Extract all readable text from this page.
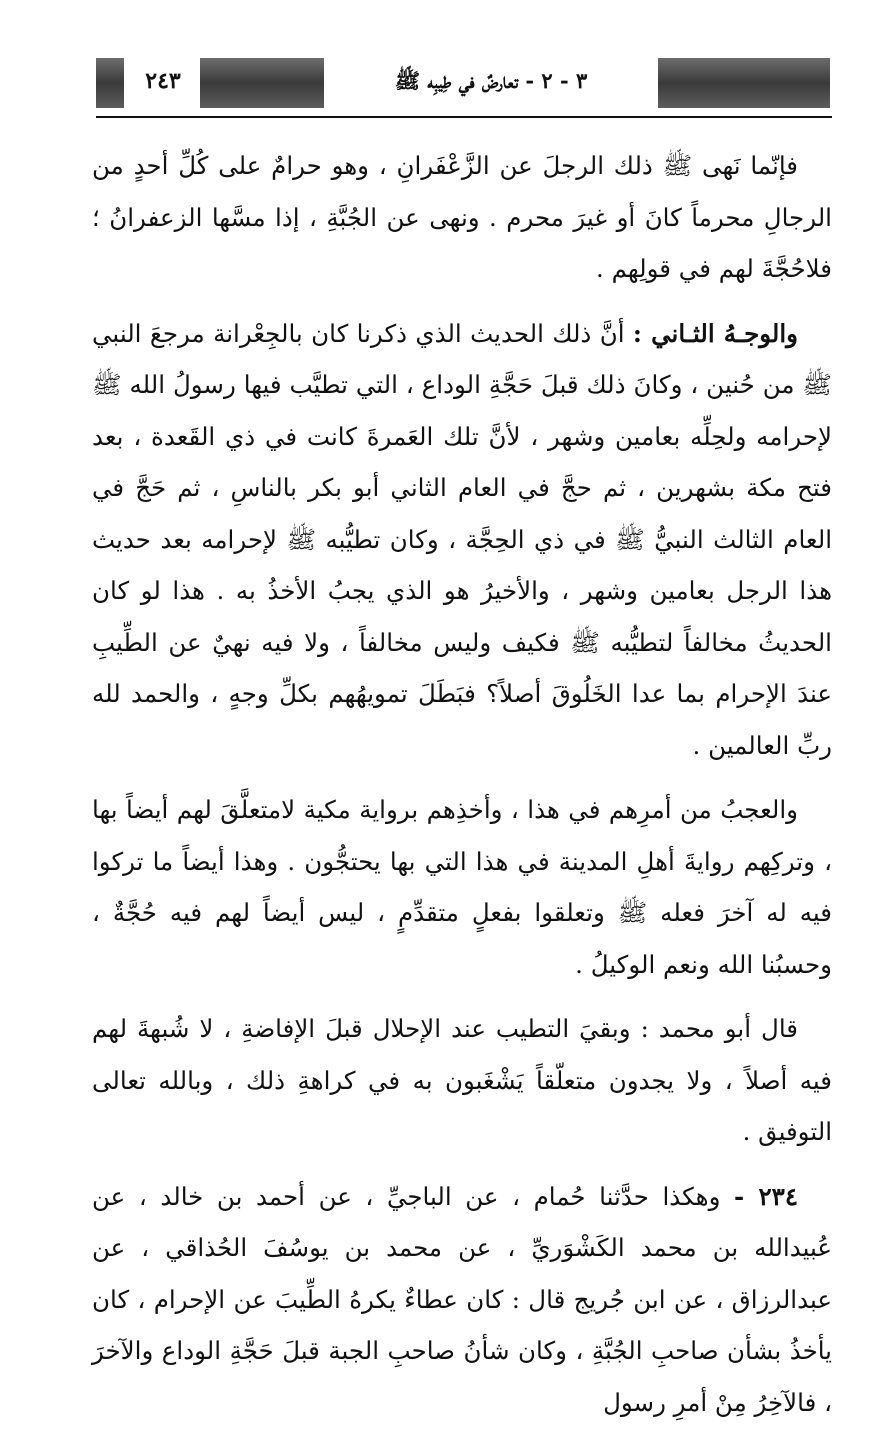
٣ - ٢ - تعارضٌ في طِيبِه ﷺ
٢٤٣

فإنّما نَهى ﷺ ذلك الرجلَ عن الزَّعْفَرانِ ، وهو حرامٌ على كُلِّ أحدٍ من الرجالِ محرماً كانَ أو غيرَ محرم . ونهى عن الجُبَّةِ ، إذا مسَّها الزعفرانُ ؛ فلاحُجَّةَ لهم في قولِهم .

والوجـهُ الثـاني : أنَّ ذلك الحديث الذي ذكرنا كان بالجِعْرانة مرجعَ النبي ﷺ من حُنين ، وكانَ ذلك قبلَ حَجَّةِ الوداع ، التي تطيَّب فيها رسولُ الله ﷺ لإحرامه ولحِلِّه بعامين وشهر ، لأنَّ تلك العَمرةَ كانت في ذي القَعدة ، بعد فتح مكة بشهرين ، ثم حجَّ في العام الثاني أبو بكر بالناسِ ، ثم حَجَّ في العام الثالث النبيُّ ﷺ في ذي الحِجَّة ، وكان تطيُّبه ﷺ لإحرامه بعد حديث هذا الرجل بعامين وشهر ، والأخيرُ هو الذي يجبُ الأخذُ به . هذا لو كان الحديثُ مخالفاً لتطيُّبه ﷺ فكيف وليس مخالفاً ، ولا فيه نهيٌ عن الطِّيبِ عندَ الإحرام بما عدا الخَلُوقَ أصلاً؟ فبَطَلَ تمويهُهم بكلِّ وجهٍ ، والحمد لله ربِّ العالمين .

والعجبُ من أمرِهم في هذا ، وأخذِهم برواية مكية لامتعلَّقَ لهم أيضاً بها ، وتركِهم روايةَ أهلِ المدينة في هذا التي بها يحتجُّون . وهذا أيضاً ما تركوا فيه له آخرَ فعله ﷺ وتعلقوا بفعلٍ متقدِّمٍ ، ليس أيضاً لهم فيه حُجَّةٌ ، وحسبُنا الله ونعم الوكيلُ .

قال أبو محمد : وبقيَ التطيب عند الإحلال قبلَ الإفاضةِ ، لا شُبهةَ لهم فيه أصلاً ، ولا يجدون متعلّقاً يَشْغَبون به في كراهةِ ذلك ، وبالله تعالى التوفيق .

٢٣٤ - وهكذا حدَّثنا حُمام ، عن الباجيِّ ، عن أحمد بن خالد ، عن عُبيدالله بن محمد الكَشْوَريِّ ، عن محمد بن يوسُفَ الحُذاقي ، عن عبدالرزاق ، عن ابن جُريج قال : كان عطاءٌ يكرهُ الطِّيبَ عن الإحرام ، كان يأخذُ بشأن صاحبِ الجُبَّةِ ، وكان شأنُ صاحبِ الجبة قبلَ حَجَّةِ الوداع والآخرَ ، فالآخِرُ مِنْ أمرِ رسول
